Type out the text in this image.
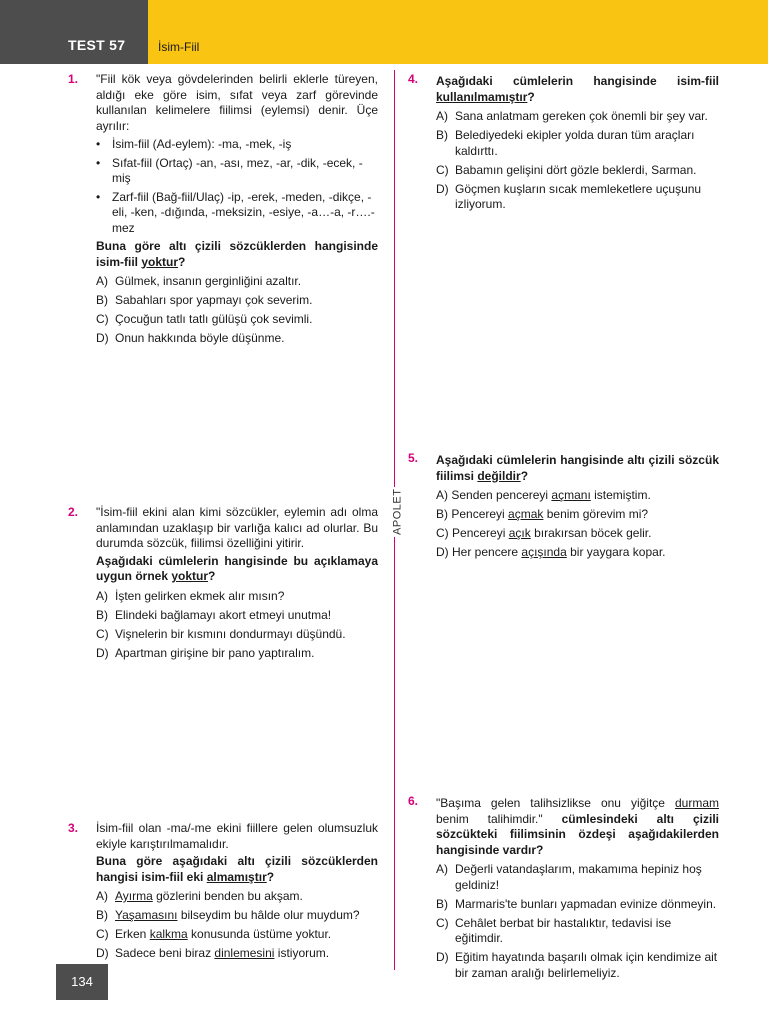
TEST 57	İsim-Fiil
APOLET
1. "Fiil kök veya gövdelerinden belirli eklerle türeyen, aldığı eke göre isim, sıfat veya zarf görevinde kullanılan kelimelere fiilimsi (eylemsi) denir. Üçe ayrılır:

• İsim-fiil (Ad-eylem): -ma, -mek, -iş
• Sıfat-fiil (Ortaç) -an, -ası, mez, -ar, -dik, -ecek, -miş
• Zarf-fiil (Bağ-fiil/Ulaç) -ip, -erek, -meden, -dikçe, -eli, -ken, -dığında, -meksizin, -esiye, -a…-a, -r….-mez

Buna göre altı çizili sözcüklerden hangisinde isim-fiil yoktur?

A) Gülmek, insanın gerginliğini azaltır.
B) Sabahları spor yapmayı çok severim.
C) Çocuğun tatlı tatlı gülüşü çok sevimli.
D) Onun hakkında böyle düşünme.
2. "İsim-fiil ekini alan kimi sözcükler, eylemin adı olma anlamından uzaklaşıp bir varlığa kalıcı ad olurlar. Bu durumda sözcük, fiilimsi özelliğini yitirir.

Aşağıdaki cümlelerin hangisinde bu açıklamaya uygun örnek yoktur?

A) İşten gelirken ekmek alır mısın?
B) Elindeki bağlamayı akort etmeyi unutma!
C) Vişnelerin bir kısmını dondurmayı düşündü.
D) Apartman girişine bir pano yaptıralım.
3. İsim-fiil olan -ma/-me ekini fiillere gelen olumsuzluk ekiyle karıştırılmamalıdır.

Buna göre aşağıdaki altı çizili sözcüklerden hangisi isim-fiil eki almamıştır?

A) Ayırma gözlerini benden bu akşam.
B) Yaşamasını bilseydim bu hâlde olur muydum?
C) Erken kalkma konusunda üstüme yoktur.
D) Sadece beni biraz dinlemesini istiyorum.
4. Aşağıdaki cümlelerin hangisinde isim-fiil kullanılmamıştır?

A) Sana anlatmam gereken çok önemli bir şey var.
B) Belediyedeki ekipler yolda duran tüm araçları kaldırttı.
C) Babamın gelişini dört gözle beklerdi, Sarman.
D) Göçmen kuşların sıcak memleketlere uçuşunu izliyorum.
5. Aşağıdaki cümlelerin hangisinde altı çizili sözcük fiilimsi değildir?

A) Senden pencereyi açmanı istemiştim.
B) Pencereyi açmak benim görevim mi?
C) Pencereyi açık bırakırsan böcek gelir.
D) Her pencere açışında bir yaygara kopar.
6. "Başıma gelen talihsizlikse onu yiğitçe durmam benim talihimdir." cümlesindeki altı çizili sözcükteki fiilimsinin özdeşi aşağıdakilerden hangisinde vardır?

A) Değerli vatandaşlarım, makamıma hepiniz hoş geldiniz!
B) Marmaris'te bunları yapmadan evinize dönmeyin.
C) Cehâlet berbat bir hastalıktır, tedavisi ise eğitimdir.
D) Eğitim hayatında başarılı olmak için kendimize ait bir zaman aralığı belirlemeliyiz.
134
